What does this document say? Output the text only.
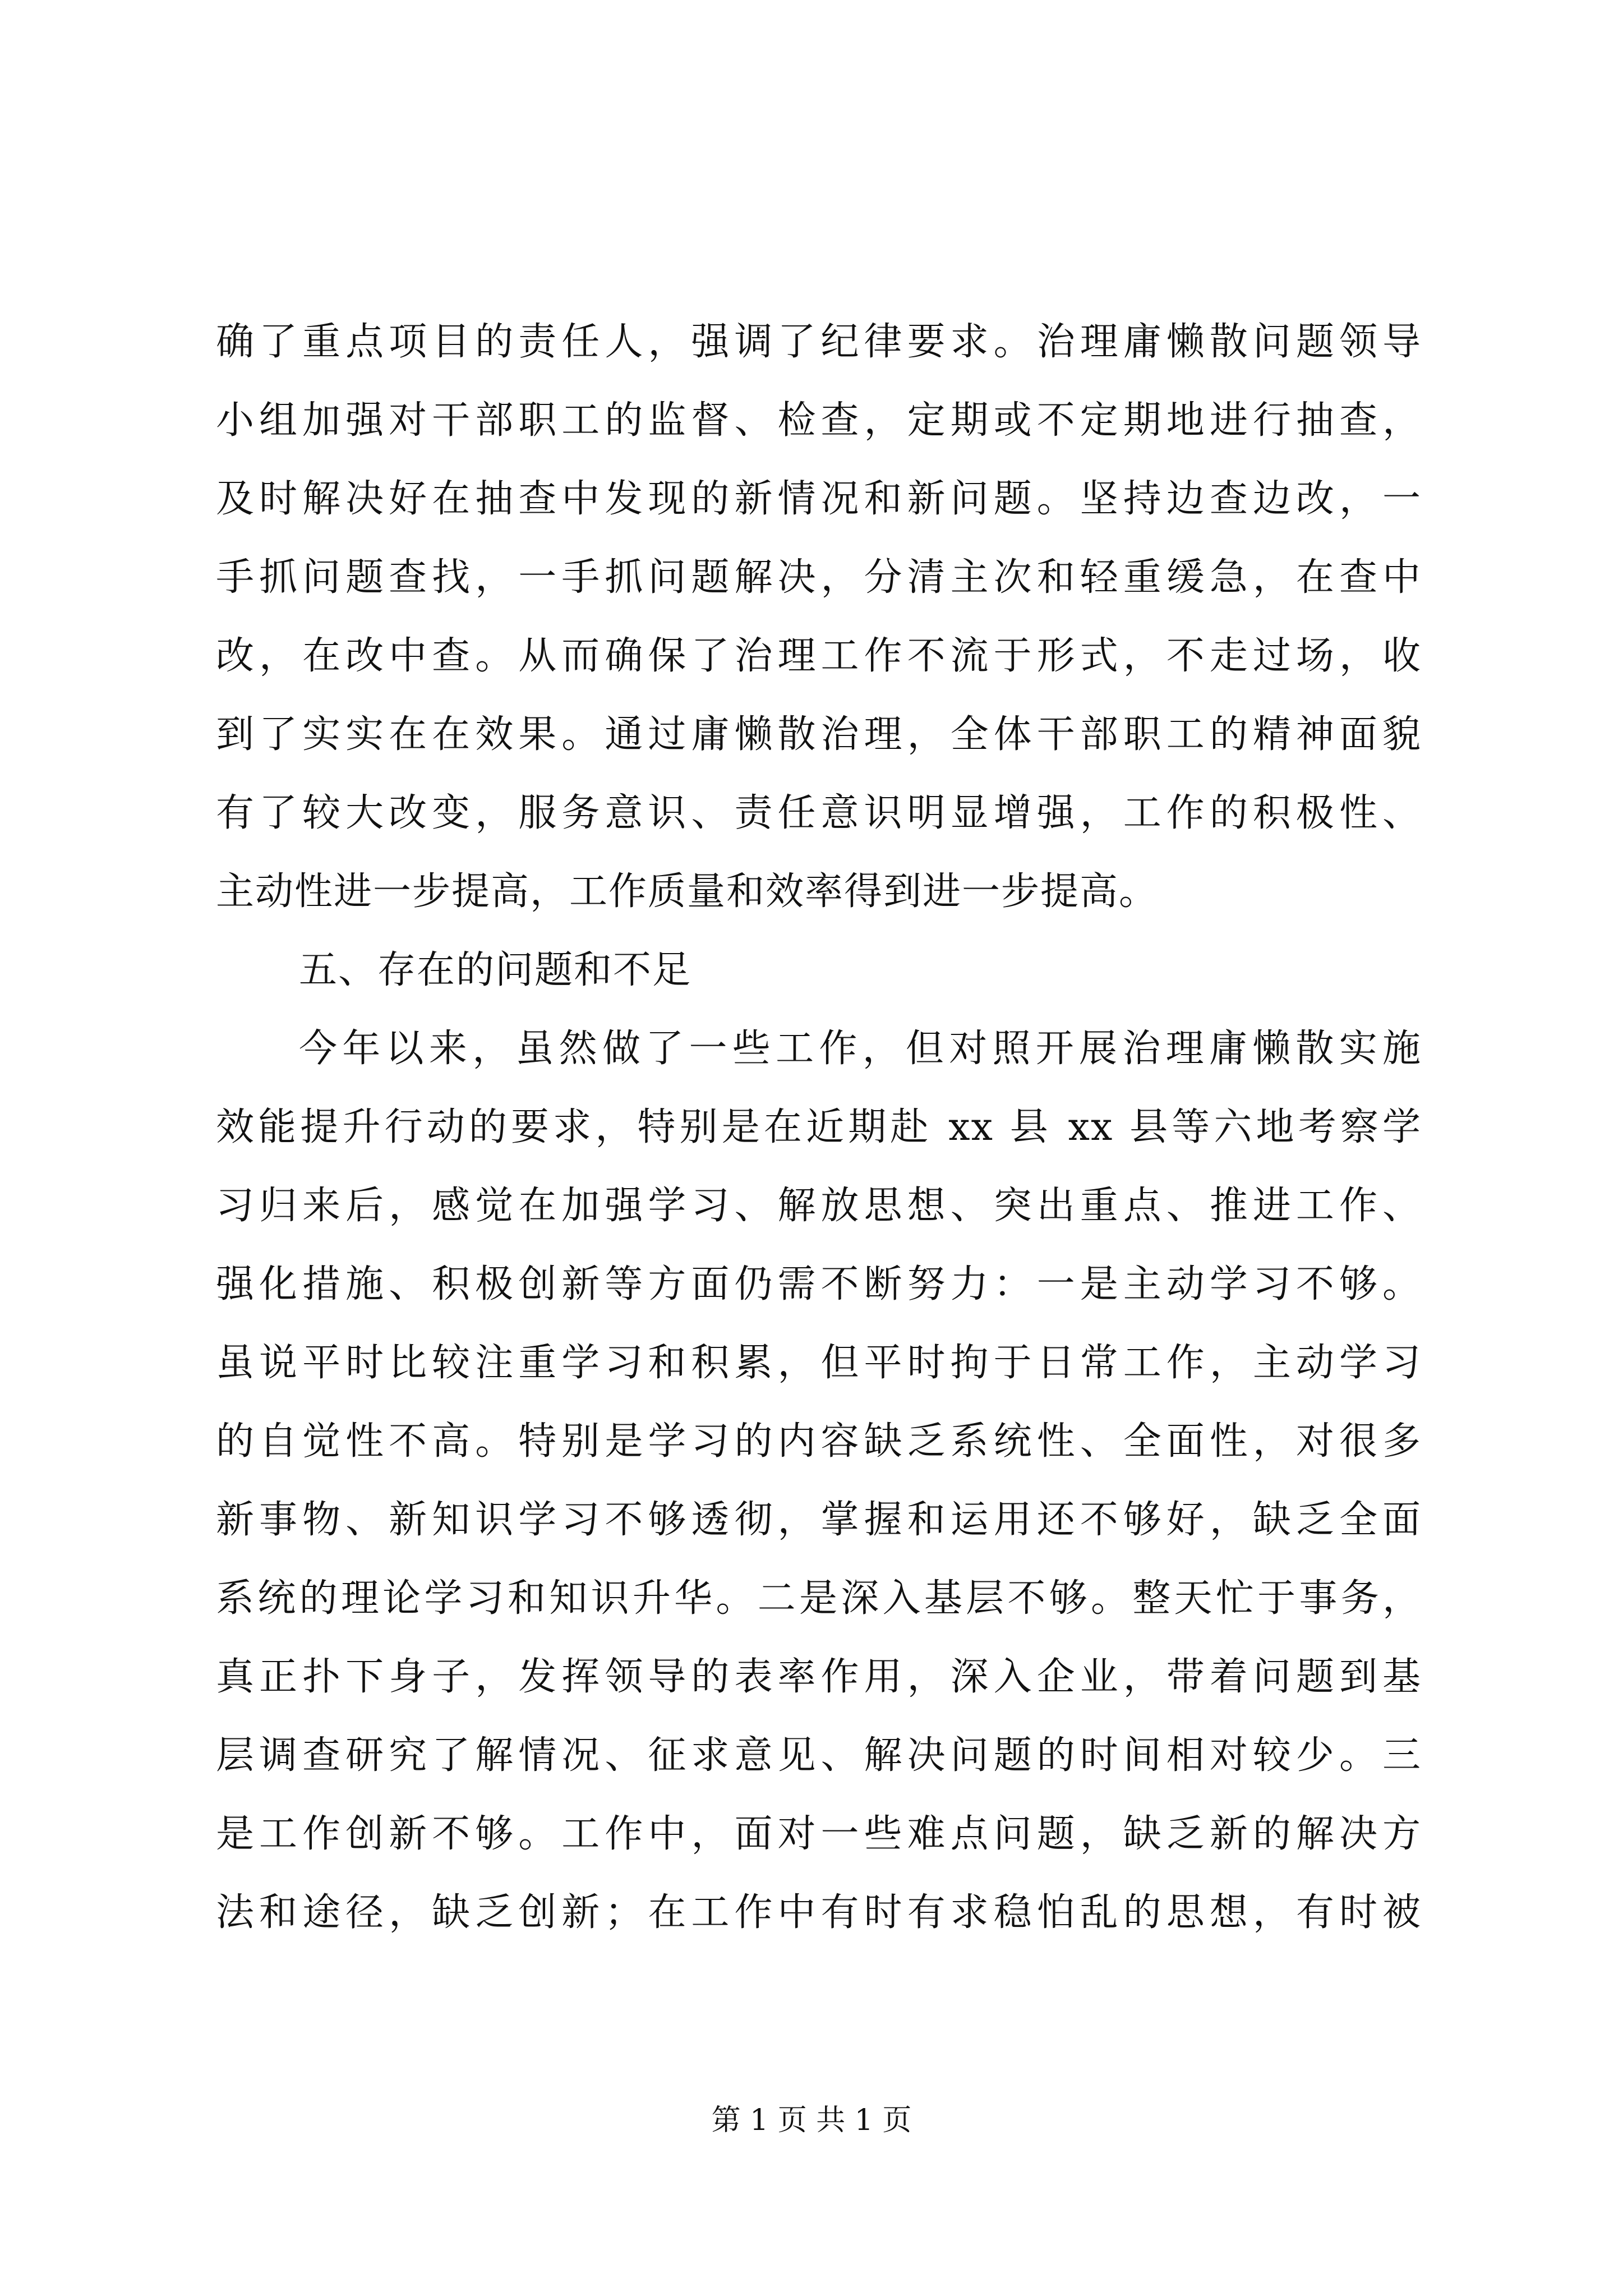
确了重点项目的责任人，强调了纪律要求。治理庸懒散问题领导
小组加强对干部职工的监督、检查，定期或不定期地进行抽查，
及时解决好在抽查中发现的新情况和新问题。坚持边查边改，一
手抓问题查找，一手抓问题解决，分清主次和轻重缓急，在查中
改，在改中查。从而确保了治理工作不流于形式，不走过场，收
到了实实在在效果。通过庸懒散治理，全体干部职工的精神面貌
有了较大改变，服务意识、责任意识明显增强，工作的积极性、
主动性进一步提高，工作质量和效率得到进一步提高。
五、存在的问题和不足
今年以来，虽然做了一些工作，但对照开展治理庸懒散实施
效能提升行动的要求，特别是在近期赴 xx 县 xx 县等六地考察学
习归来后，感觉在加强学习、解放思想、突出重点、推进工作、
强化措施、积极创新等方面仍需不断努力：一是主动学习不够。
虽说平时比较注重学习和积累，但平时拘于日常工作，主动学习
的自觉性不高。特别是学习的内容缺乏系统性、全面性，对很多
新事物、新知识学习不够透彻，掌握和运用还不够好，缺乏全面
系统的理论学习和知识升华。二是深入基层不够。整天忙于事务，
真正扑下身子，发挥领导的表率作用，深入企业，带着问题到基
层调查研究了解情况、征求意见、解决问题的时间相对较少。三
是工作创新不够。工作中，面对一些难点问题，缺乏新的解决方
法和途径，缺乏创新；在工作中有时有求稳怕乱的思想，有时被
第 1 页 共 1 页
